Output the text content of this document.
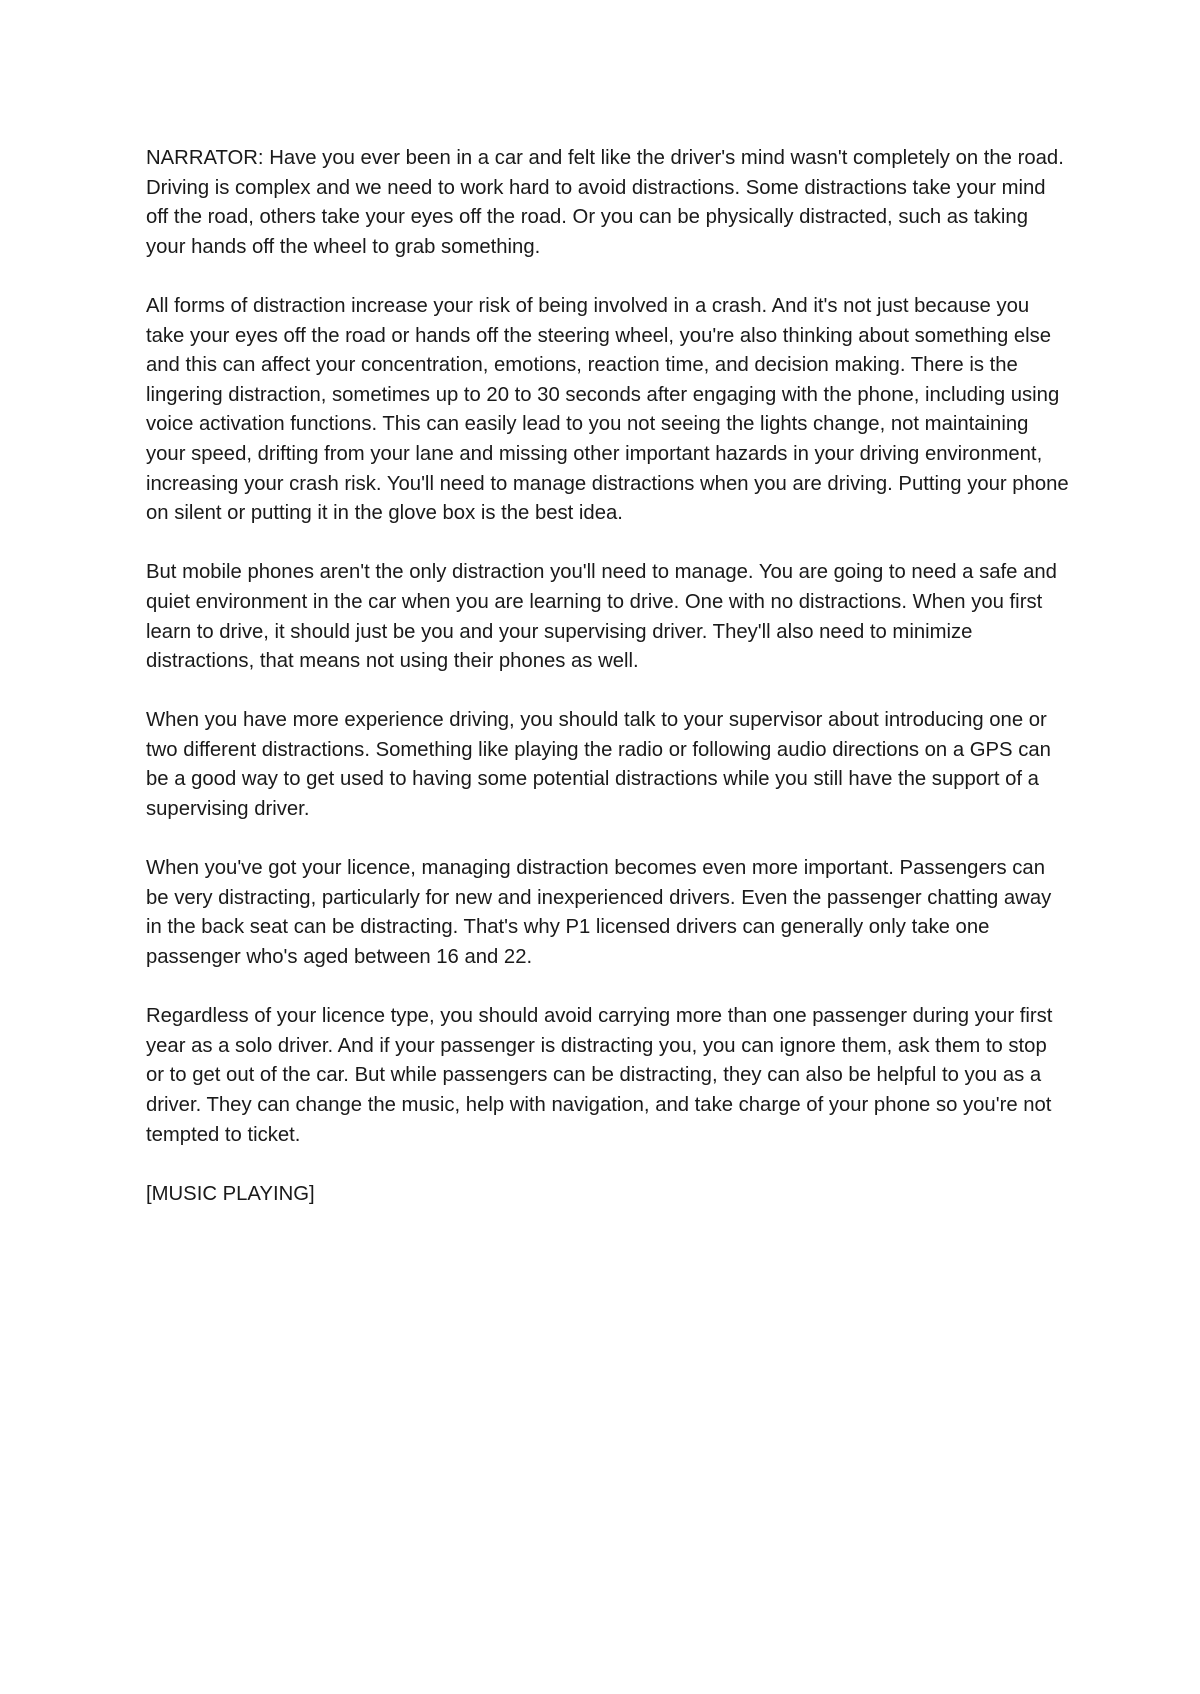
NARRATOR: Have you ever been in a car and felt like the driver's mind wasn't completely on the road. Driving is complex and we need to work hard to avoid distractions. Some distractions take your mind off the road, others take your eyes off the road. Or you can be physically distracted, such as taking your hands off the wheel to grab something.

All forms of distraction increase your risk of being involved in a crash. And it's not just because you take your eyes off the road or hands off the steering wheel, you're also thinking about something else and this can affect your concentration, emotions, reaction time, and decision making. There is the lingering distraction, sometimes up to 20 to 30 seconds after engaging with the phone, including using voice activation functions. This can easily lead to you not seeing the lights change, not maintaining your speed, drifting from your lane and missing other important hazards in your driving environment, increasing your crash risk. You'll need to manage distractions when you are driving. Putting your phone on silent or putting it in the glove box is the best idea.

But mobile phones aren't the only distraction you'll need to manage. You are going to need a safe and quiet environment in the car when you are learning to drive. One with no distractions. When you first learn to drive, it should just be you and your supervising driver. They'll also need to minimize distractions, that means not using their phones as well.

When you have more experience driving, you should talk to your supervisor about introducing one or two different distractions. Something like playing the radio or following audio directions on a GPS can be a good way to get used to having some potential distractions while you still have the support of a supervising driver.

When you've got your licence, managing distraction becomes even more important. Passengers can be very distracting, particularly for new and inexperienced drivers. Even the passenger chatting away in the back seat can be distracting. That's why P1 licensed drivers can generally only take one passenger who's aged between 16 and 22.

Regardless of your licence type, you should avoid carrying more than one passenger during your first year as a solo driver. And if your passenger is distracting you, you can ignore them, ask them to stop or to get out of the car. But while passengers can be distracting, they can also be helpful to you as a driver. They can change the music, help with navigation, and take charge of your phone so you're not tempted to ticket.

[MUSIC PLAYING]
